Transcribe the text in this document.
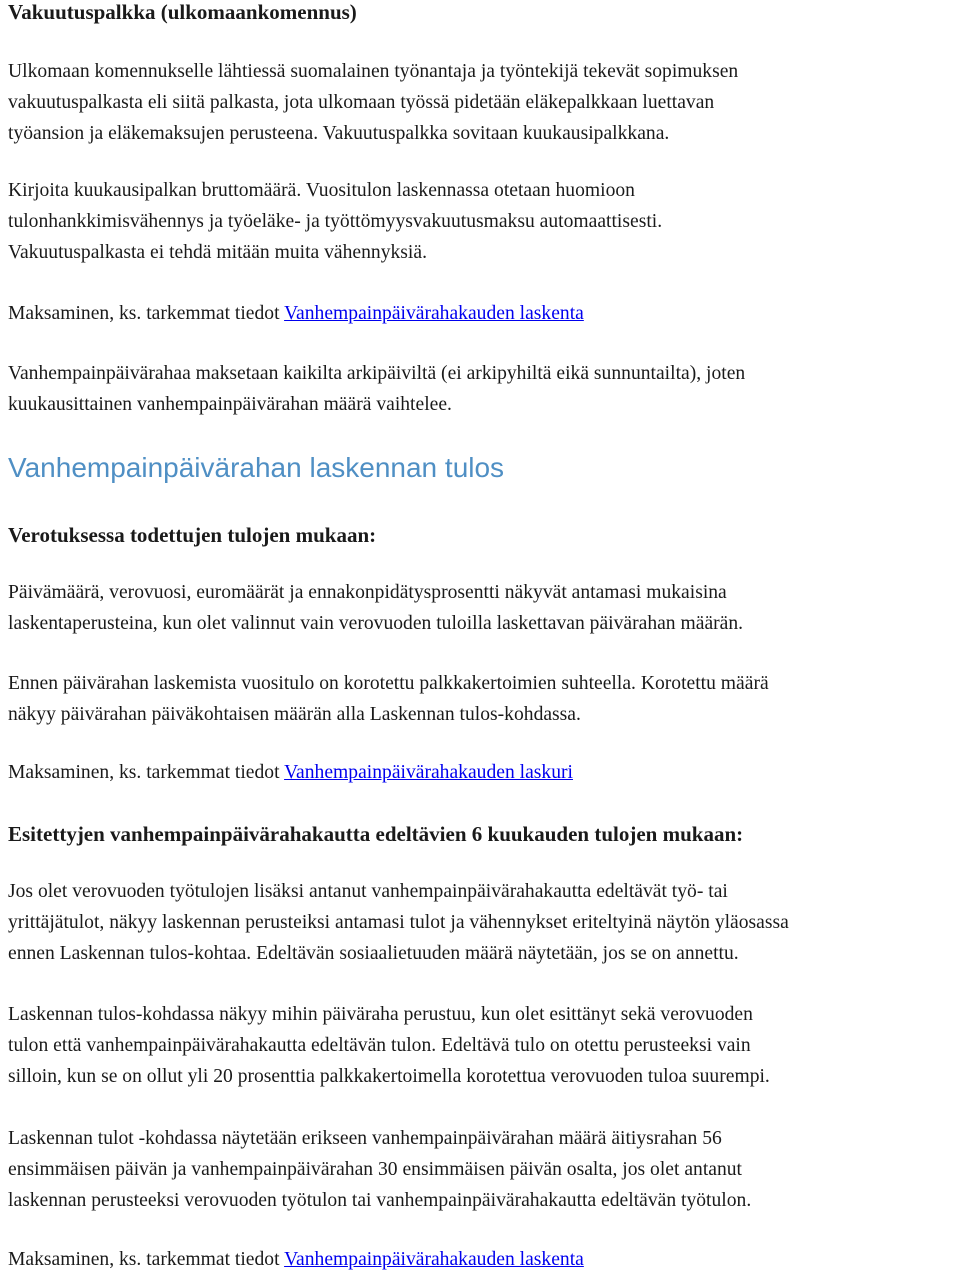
Vakuutuspalkka (ulkomaankomennus)

Ulkomaan komennukselle lähtiessä suomalainen työnantaja ja työntekijä tekevät sopimuksen
vakuutuspalkasta eli siitä palkasta, jota ulkomaan työssä pidetään eläkepalkkaan luettavan
työansion ja eläkemaksujen perusteena. Vakuutuspalkka sovitaan kuukausipalkkana.

Kirjoita kuukausipalkan bruttomäärä. Vuositulon laskennassa otetaan huomioon
tulonhankkimisvähennys ja työeläke- ja työttömyysvakuutusmaksu automaattisesti.
Vakuutuspalkasta ei tehdä mitään muita vähennyksiä.

Maksaminen, ks. tarkemmat tiedot Vanhempainpäivärahakauden laskenta

Vanhempainpäivärahaa maksetaan kaikilta arkipäiviltä (ei arkipyhiltä eikä sunnuntailta), joten
kuukausittainen vanhempainpäivärahan määrä vaihtelee.

Vanhempainpäivärahan laskennan tulos
Verotuksessa todettujen tulojen mukaan:

Päivämäärä, verovuosi, euromäärät ja ennakonpidätysprosentti näkyvät antamasi mukaisina
laskentaperusteina, kun olet valinnut vain verovuoden tuloilla laskettavan päivärahan määrän.

Ennen päivärahan laskemista vuositulo on korotettu palkkakertoimien suhteella. Korotettu määrä
näkyy päivärahan päiväkohtaisen määrän alla Laskennan tulos-kohdassa.

Maksaminen, ks. tarkemmat tiedot Vanhempainpäivärahakauden laskuri

Esitettyjen vanhempainpäivärahakautta edeltävien 6 kuukauden tulojen mukaan:

Jos olet verovuoden työtulojen lisäksi antanut vanhempainpäivärahakautta edeltävät työ- tai
yrittäjätulot, näkyy laskennan perusteiksi antamasi tulot ja vähennykset eriteltyinä näytön yläosassa
ennen Laskennan tulos-kohtaa. Edeltävän sosiaalietuuden määrä näytetään, jos se on annettu.

Laskennan tulos-kohdassa näkyy mihin päiväraha perustuu, kun olet esittänyt sekä verovuoden
tulon että vanhempainpäivärahakautta edeltävän tulon. Edeltävä tulo on otettu perusteeksi vain
silloin, kun se on ollut yli 20 prosenttia palkkakertoimella korotettua verovuoden tuloa suurempi.

Laskennan tulot -kohdassa näytetään erikseen vanhempainpäivärahan määrä äitiysrahan 56
ensimmäisen päivän ja vanhempainpäivärahan 30 ensimmäisen päivän osalta, jos olet antanut
laskennan perusteeksi verovuoden työtulon tai vanhempainpäivärahakautta edeltävän työtulon.

Maksaminen, ks. tarkemmat tiedot Vanhempainpäivärahakauden laskenta
